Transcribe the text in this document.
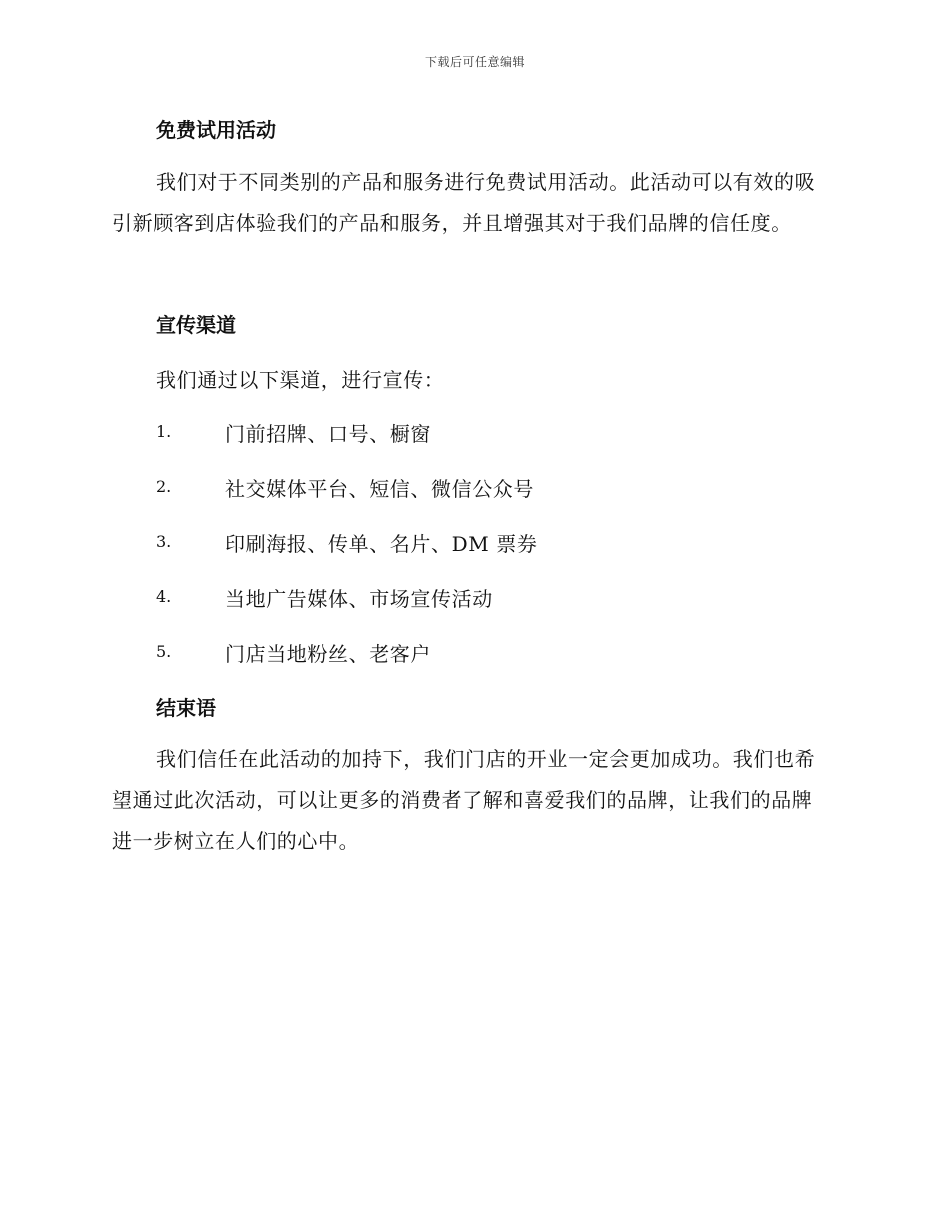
下载后可任意编辑
免费试用活动
我们对于不同类别的产品和服务进行免费试用活动。此活动可以有效的吸引新顾客到店体验我们的产品和服务，并且增强其对于我们品牌的信任度。
宣传渠道
我们通过以下渠道，进行宣传：
1.	门前招牌、口号、橱窗
2.	社交媒体平台、短信、微信公众号
3.	印刷海报、传单、名片、DM 票券
4.	当地广告媒体、市场宣传活动
5.	门店当地粉丝、老客户
结束语
我们信任在此活动的加持下，我们门店的开业一定会更加成功。我们也希望通过此次活动，可以让更多的消费者了解和喜爱我们的品牌，让我们的品牌进一步树立在人们的心中。
